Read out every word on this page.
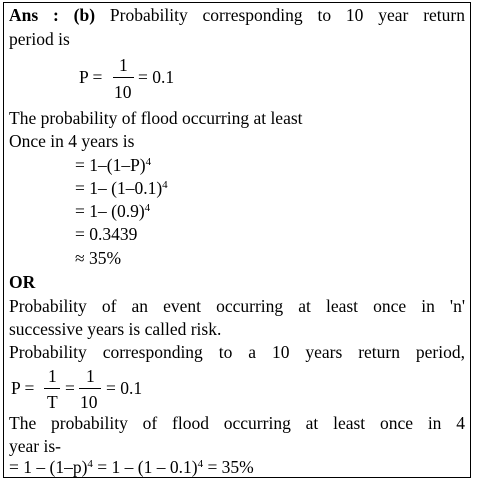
Ans : (b) Probability corresponding to 10 year return
period is
P =
1
10
= 0.1
The probability of flood occurring at least
Once in 4 years is
= $1-(1-P)^4$
= 1– $(1-0.1)^4$
= 1– $(0.9)^4$
= 0.3439
≈ 35%
OR
Probability of an event occurring at least once in 'n'
successive years is called risk.
Probability corresponding to a 10 years return period,
P =
1
T
=
1
10
= 0.1
The probability of flood occurring at least once in 4
year is-
= $1 - (1-p)^4 = 1 - (1 - 0.1)^4 = 35\%$
